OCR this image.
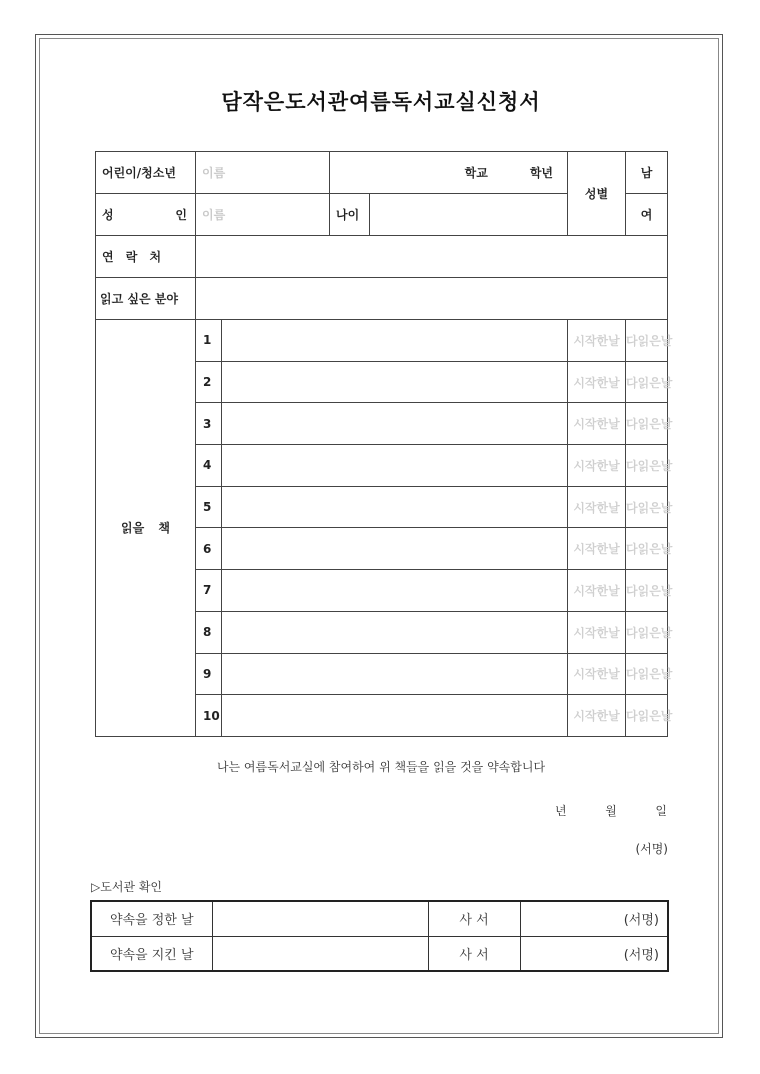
담작은도서관여름독서교실신청서
어린이/청소년	이름		학교 학년		성별	남

성 인	이름		나이			여
연 락 처						
읽고 싶은 분야						
읽을 책	1				시작한날	다읽은날
	2				시작한날	다읽은날
	3				시작한날	다읽은날
	4				시작한날	다읽은날
	5				시작한날	다읽은날
	6				시작한날	다읽은날
	7				시작한날	다읽은날
	8				시작한날	다읽은날
	9				시작한날	다읽은날
	10				시작한날	다읽은날
나는 여름독서교실에 참여하여 위 책들을 읽을 것을 약속합니다
년	월	일
(서명)
▷도서관 확인
약속을 정한 날		사 서	(서명)
약속을 지킨 날		사 서	(서명)
